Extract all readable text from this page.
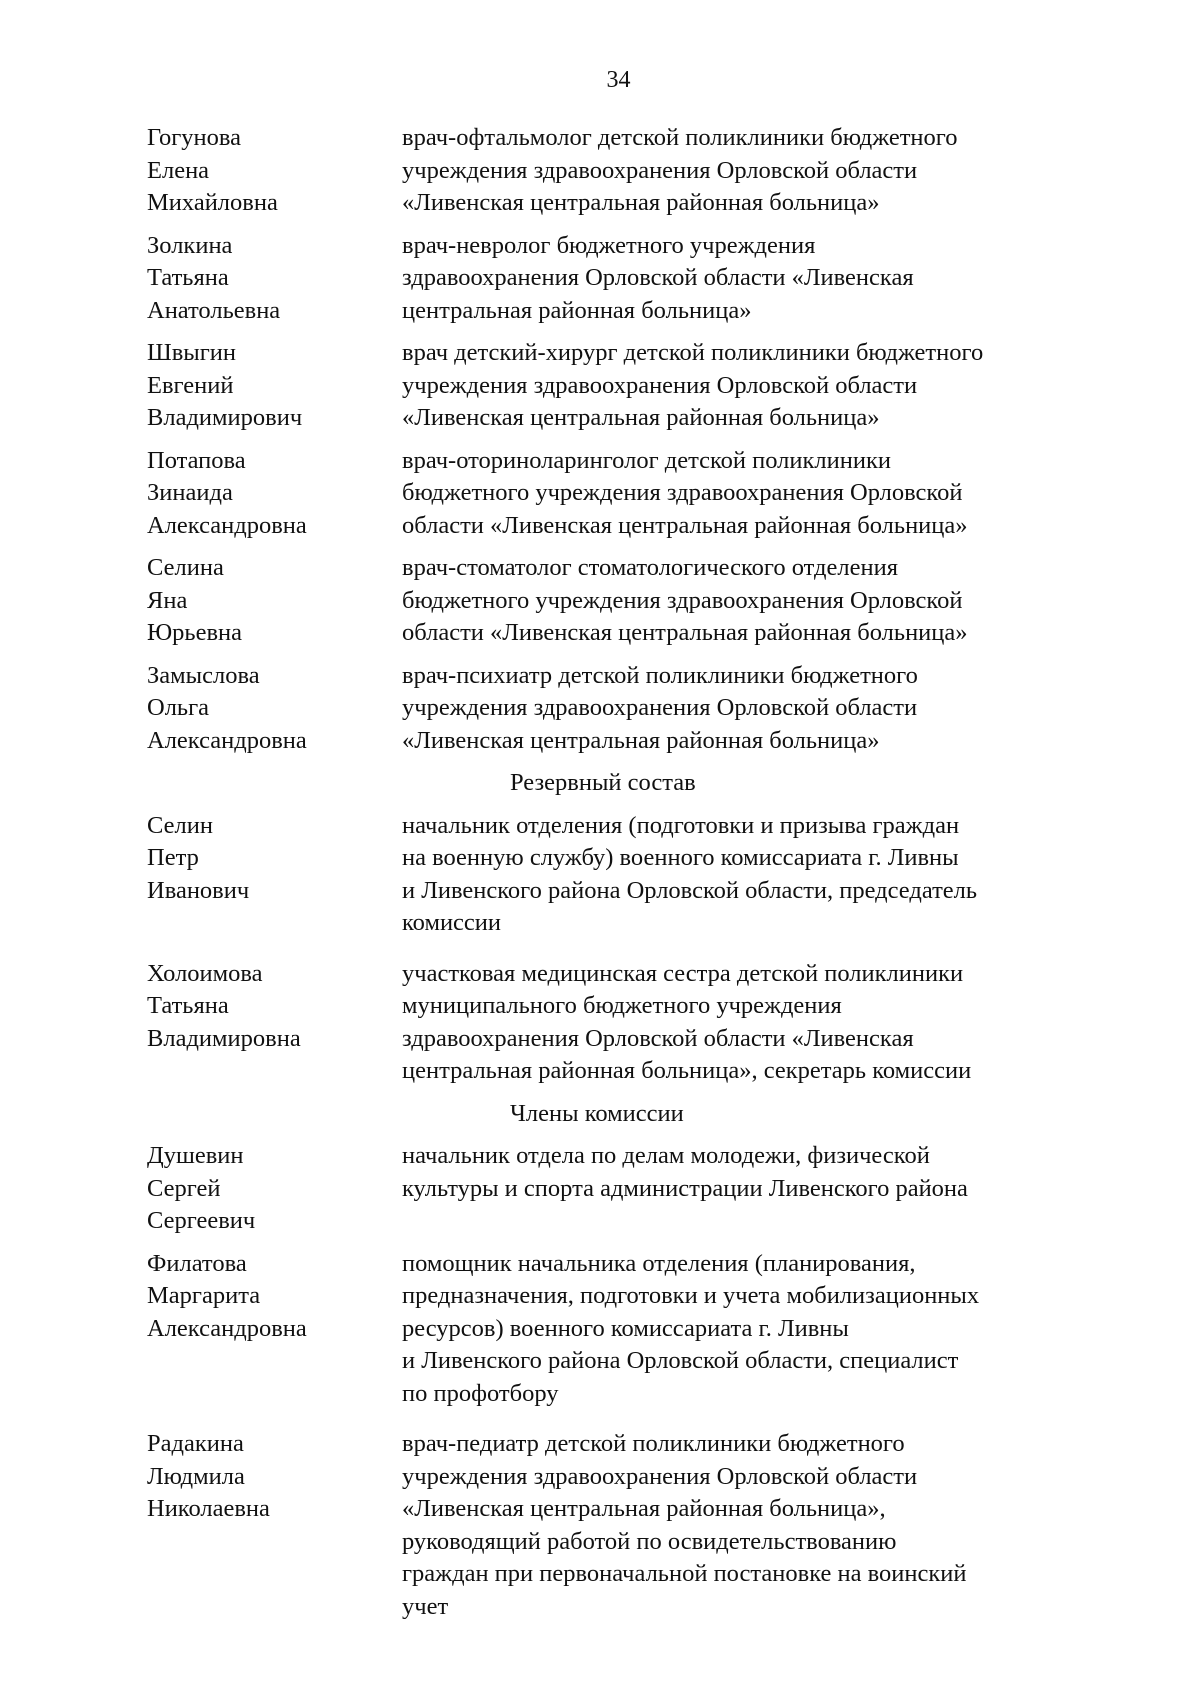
34
Гогунова
Елена
Михайловна
врач-офтальмолог детской поликлиники бюджетного
учреждения здравоохранения Орловской области
«Ливенская центральная районная больница»
Золкина
Татьяна
Анатольевна
врач-невролог бюджетного учреждения
здравоохранения Орловской области «Ливенская
центральная районная больница»
Швыгин
Евгений
Владимирович
врач детский-хирург детской поликлиники бюджетного
учреждения здравоохранения Орловской области
«Ливенская центральная районная больница»
Потапова
Зинаида
Александровна
врач-оториноларинголог детской поликлиники
бюджетного учреждения здравоохранения Орловской
области «Ливенская центральная районная больница»
Селина
Яна
Юрьевна
врач-стоматолог стоматологического отделения
бюджетного учреждения здравоохранения Орловской
области «Ливенская центральная районная больница»
Замыслова
Ольга
Александровна
врач-психиатр детской поликлиники бюджетного
учреждения здравоохранения Орловской области
«Ливенская центральная районная больница»
Резервный состав
Селин
Петр
Иванович
начальник отделения (подготовки и призыва граждан
на военную службу) военного комиссариата г. Ливны
и Ливенского района Орловской области, председатель
комиссии
Холоимова
Татьяна
Владимировна
участковая медицинская сестра детской поликлиники
муниципального бюджетного учреждения
здравоохранения Орловской области «Ливенская
центральная районная больница», секретарь комиссии
Члены комиссии
Душевин
Сергей
Сергеевич
начальник отдела по делам молодежи, физической
культуры и спорта администрации Ливенского района
Филатова
Маргарита
Александровна
помощник начальника отделения (планирования,
предназначения, подготовки и учета мобилизационных
ресурсов) военного комиссариата г. Ливны
и Ливенского района Орловской области, специалист
по профотбору
Радакина
Людмила
Николаевна
врач-педиатр детской поликлиники бюджетного
учреждения здравоохранения Орловской области
«Ливенская центральная районная больница»,
руководящий работой по освидетельствованию
граждан при первоначальной постановке на воинский
учет
